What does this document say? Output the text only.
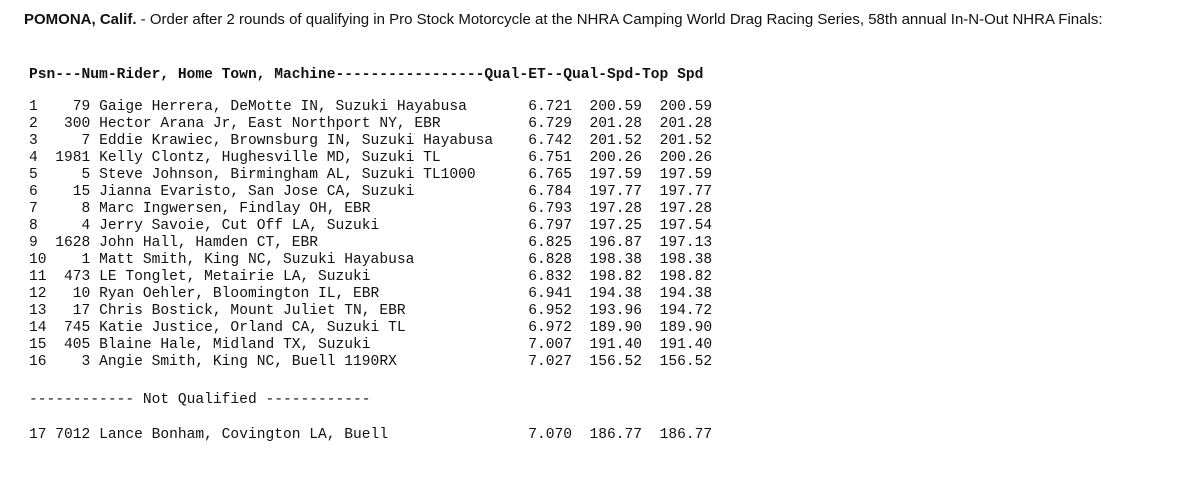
POMONA, Calif. - Order after 2 rounds of qualifying in Pro Stock Motorcycle at the NHRA Camping World Drag Racing Series, 58th annual In-N-Out NHRA Finals:

Psn---Num-Rider, Home Town, Machine-----------------Qual-ET--Qual-Spd-Top Spd
1    79 Gaige Herrera, DeMotte IN, Suzuki Hayabusa       6.721  200.59  200.59
2   300 Hector Arana Jr, East Northport NY, EBR          6.729  201.28  201.28
3     7 Eddie Krawiec, Brownsburg IN, Suzuki Hayabusa    6.742  201.52  201.52
4  1981 Kelly Clontz, Hughesville MD, Suzuki TL          6.751  200.26  200.26
5     5 Steve Johnson, Birmingham AL, Suzuki TL1000      6.765  197.59  197.59
6    15 Jianna Evaristo, San Jose CA, Suzuki             6.784  197.77  197.77
7     8 Marc Ingwersen, Findlay OH, EBR                  6.793  197.28  197.28
8     4 Jerry Savoie, Cut Off LA, Suzuki                 6.797  197.25  197.54
9  1628 John Hall, Hamden CT, EBR                        6.825  196.87  197.13
10    1 Matt Smith, King NC, Suzuki Hayabusa             6.828  198.38  198.38
11  473 LE Tonglet, Metairie LA, Suzuki                  6.832  198.82  198.82
12   10 Ryan Oehler, Bloomington IL, EBR                 6.941  194.38  194.38
13   17 Chris Bostick, Mount Juliet TN, EBR              6.952  193.96  194.72
14  745 Katie Justice, Orland CA, Suzuki TL              6.972  189.90  189.90
15  405 Blaine Hale, Midland TX, Suzuki                  7.007  191.40  191.40
16    3 Angie Smith, King NC, Buell 1190RX               7.027  156.52  156.52
------------ Not Qualified ------------
17 7012 Lance Bonham, Covington LA, Buell                7.070  186.77  186.77
